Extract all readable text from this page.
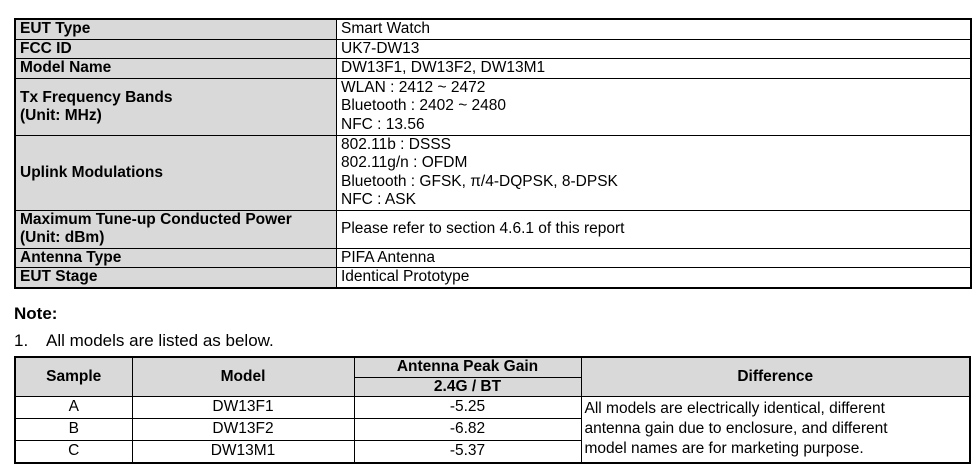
EUT Type	Smart Watch

FCC ID	UK7-DW13

Model Name	DW13F1, DW13F2, DW13M1

Tx Frequency Bands
(Unit: MHz)	WLAN : 2412 ~ 2472
Bluetooth : 2402 ~ 2480
NFC : 13.56

Uplink Modulations	802.11b : DSSS
802.11g/n : OFDM
Bluetooth : GFSK, π/4-DQPSK, 8-DPSK
NFC : ASK

Maximum Tune-up Conducted Power
(Unit: dBm)	Please refer to section 4.6.1 of this report

Antenna Type	PIFA Antenna

EUT Stage	Identical Prototype
Note:
1. All models are listed as below.
Sample	Model	Antenna Peak Gain	Difference
		2.4G / BT	
A	DW13F1	-5.25	All models are electrically identical, different
antenna gain due to enclosure, and different
model names are for marketing purpose.

B	DW13F2	-6.82	
C	DW13M1	-5.37	
